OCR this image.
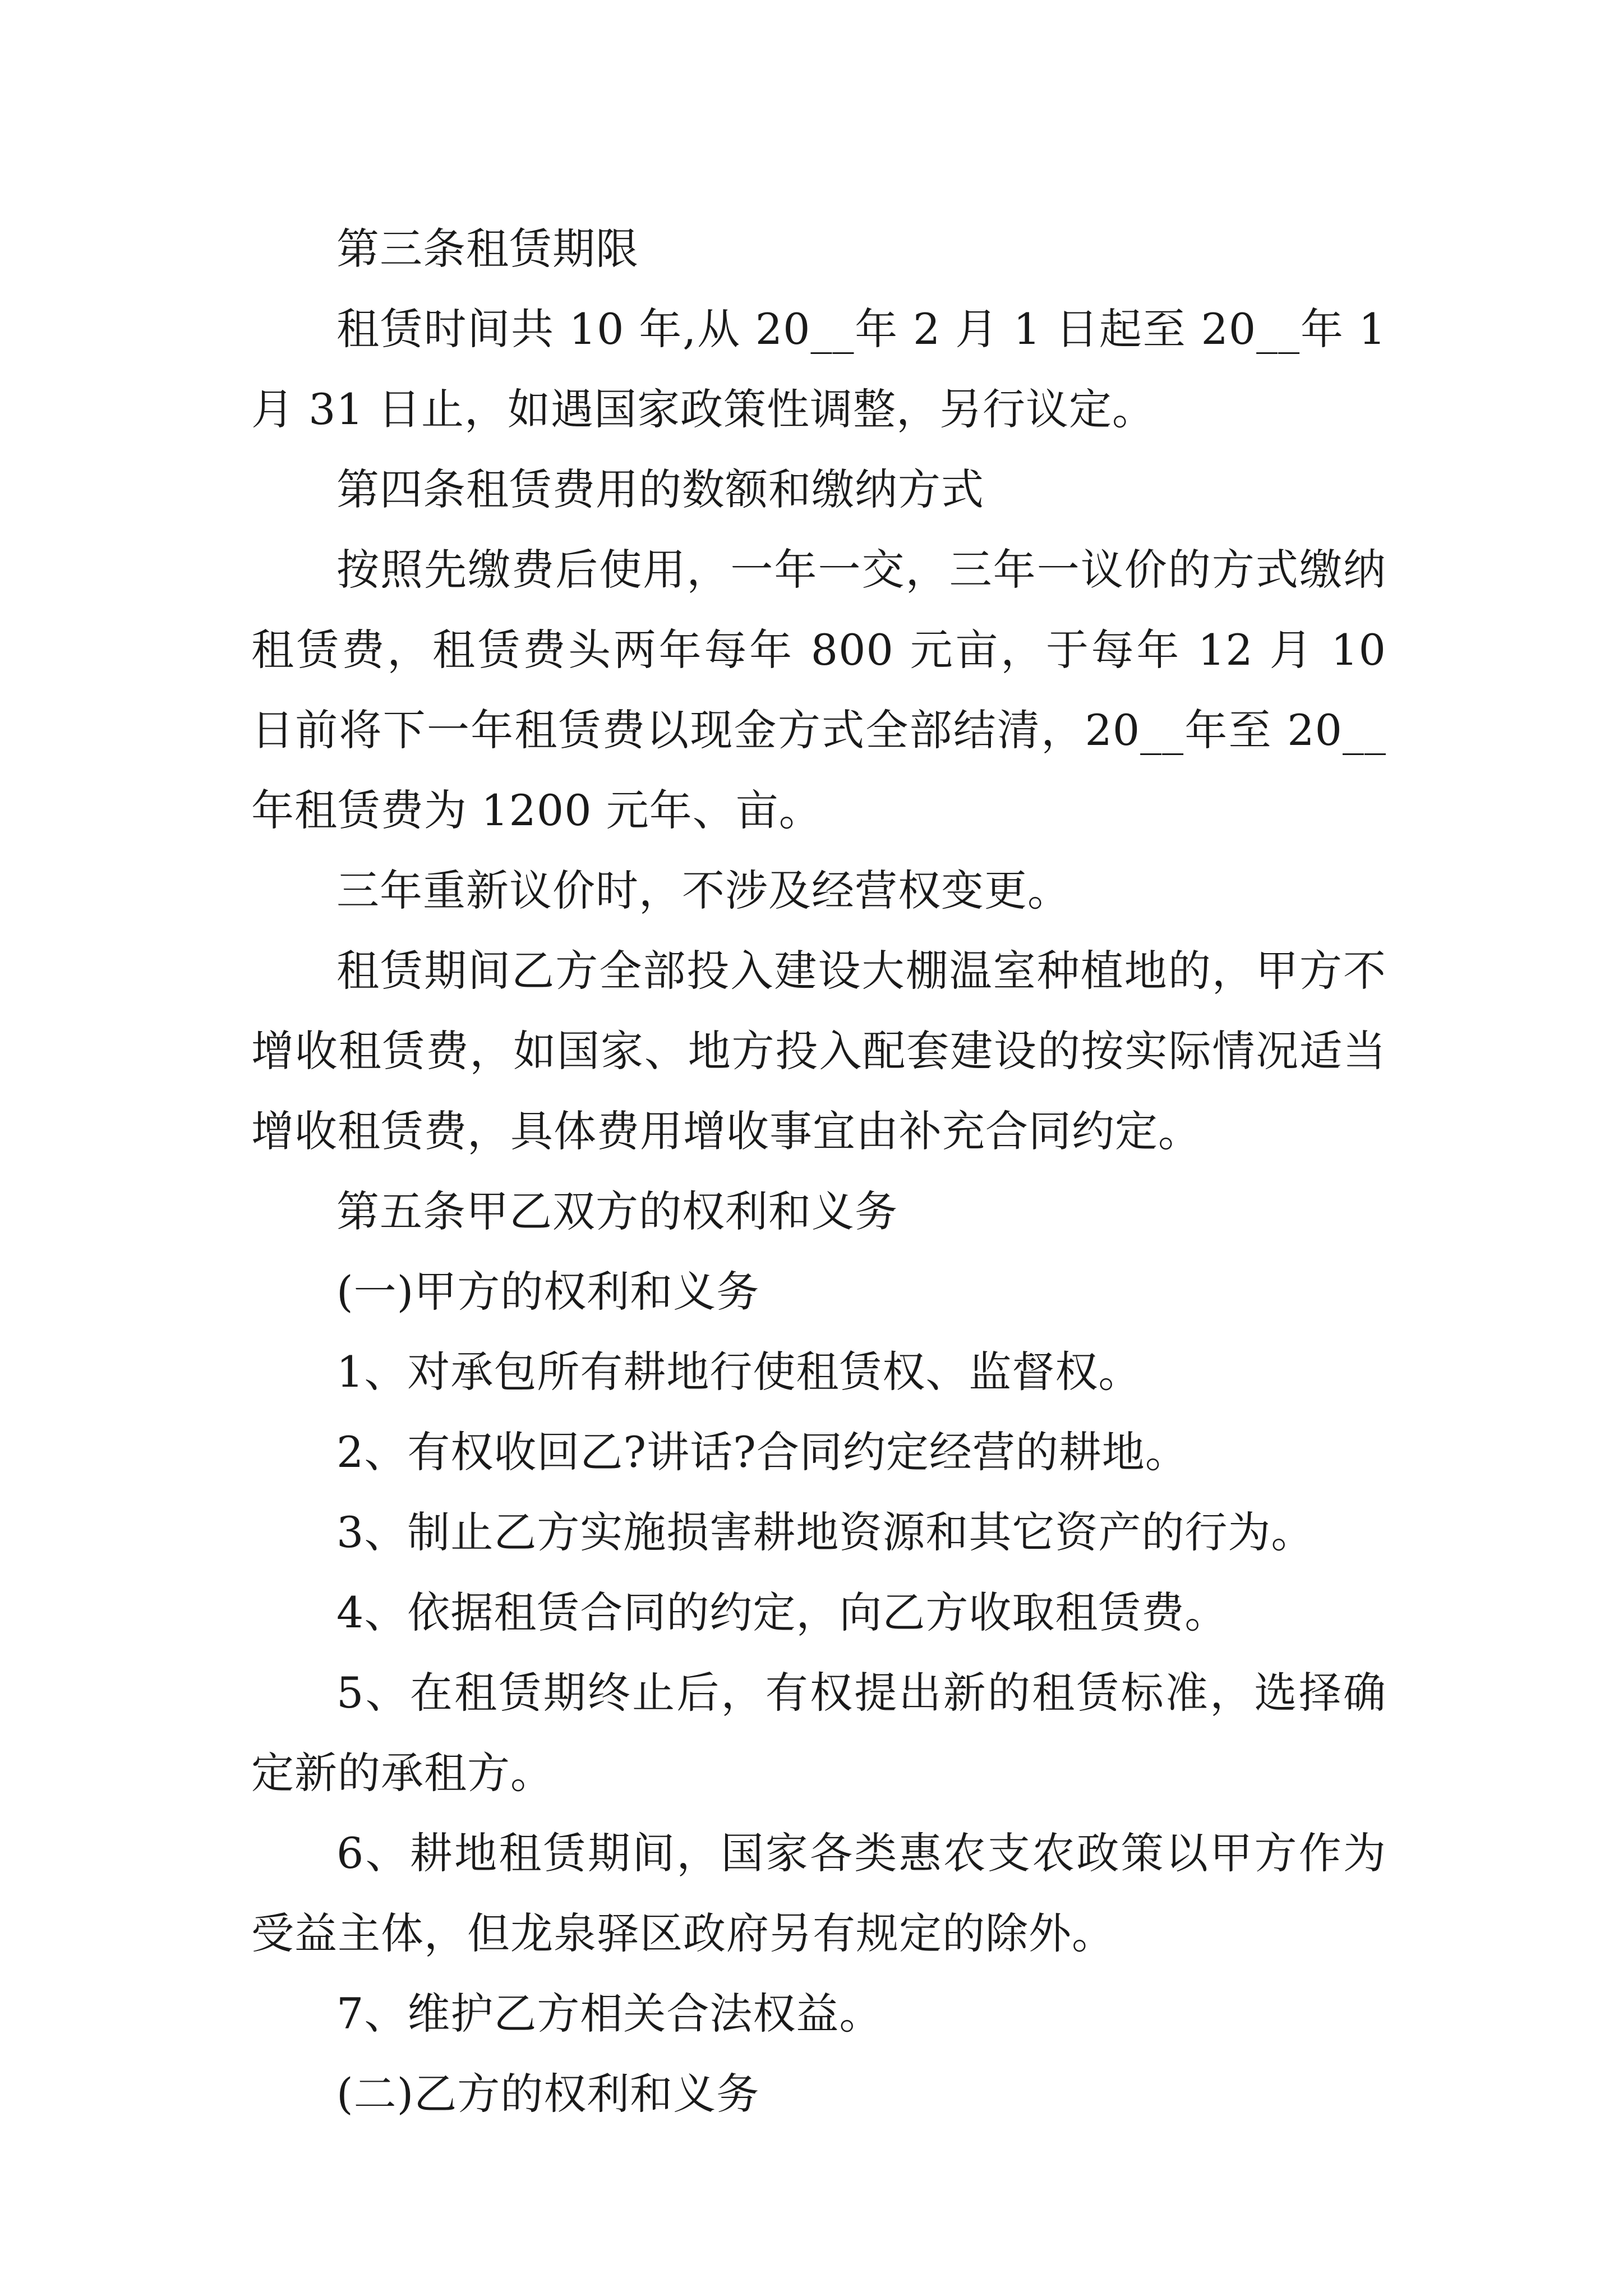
第三条租赁期限

租赁时间共 10 年,从 20__年 2 月 1 日起至 20__年 1 月 31 日止，如遇国家政策性调整，另行议定。

第四条租赁费用的数额和缴纳方式

按照先缴费后使用，一年一交，三年一议价的方式缴纳租赁费，租赁费头两年每年 800 元亩，于每年 12 月 10 日前将下一年租赁费以现金方式全部结清，20__年至 20__年租赁费为 1200 元年、亩。

三年重新议价时，不涉及经营权变更。

租赁期间乙方全部投入建设大棚温室种植地的，甲方不增收租赁费，如国家、地方投入配套建设的按实际情况适当增收租赁费，具体费用增收事宜由补充合同约定。

第五条甲乙双方的权利和义务

(一)甲方的权利和义务

1、对承包所有耕地行使租赁权、监督权。

2、有权收回乙?讲话?合同约定经营的耕地。

3、制止乙方实施损害耕地资源和其它资产的行为。

4、依据租赁合同的约定，向乙方收取租赁费。

5、在租赁期终止后，有权提出新的租赁标准，选择确定新的承租方。

6、耕地租赁期间，国家各类惠农支农政策以甲方作为受益主体，但龙泉驿区政府另有规定的除外。

7、维护乙方相关合法权益。

(二)乙方的权利和义务
